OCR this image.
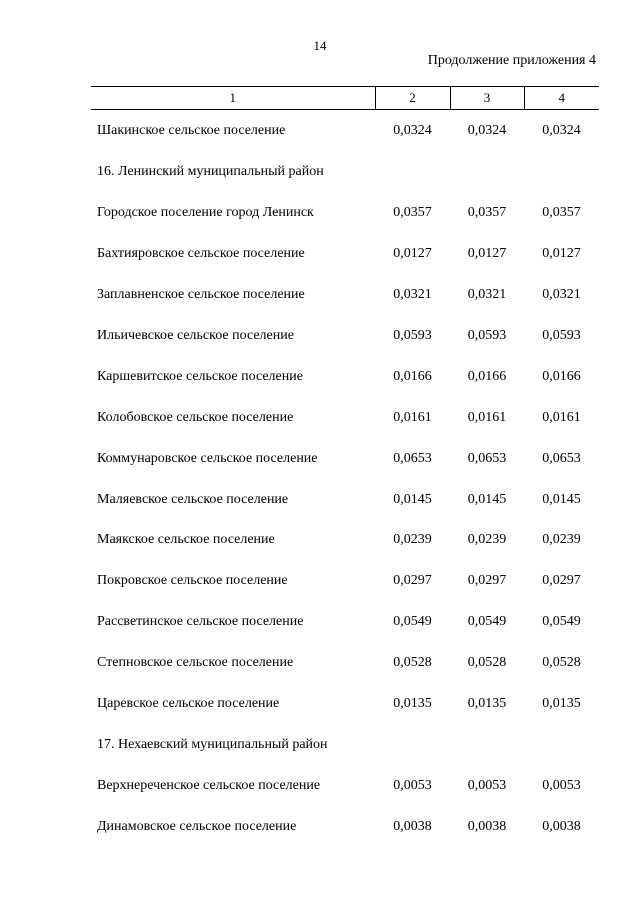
14
Продолжение приложения 4
1	2	3	4
Шакинское сельское поселение	0,0324	0,0324	0,0324
16. Ленинский муниципальный район			
Городское поселение город Ленинск	0,0357	0,0357	0,0357
Бахтияровское сельское поселение	0,0127	0,0127	0,0127
Заплавненское сельское поселение	0,0321	0,0321	0,0321
Ильичевское сельское поселение	0,0593	0,0593	0,0593
Каршевитское сельское поселение	0,0166	0,0166	0,0166
Колобовское сельское поселение	0,0161	0,0161	0,0161
Коммунаровское сельское поселение	0,0653	0,0653	0,0653
Маляевское сельское поселение	0,0145	0,0145	0,0145
Маякское сельское поселение	0,0239	0,0239	0,0239
Покровское сельское поселение	0,0297	0,0297	0,0297
Рассветинское сельское поселение	0,0549	0,0549	0,0549
Степновское сельское поселение	0,0528	0,0528	0,0528
Царевское сельское поселение	0,0135	0,0135	0,0135
17. Нехаевский муниципальный район			
Верхнереченское сельское поселение	0,0053	0,0053	0,0053
Динамовское сельское поселение	0,0038	0,0038	0,0038
